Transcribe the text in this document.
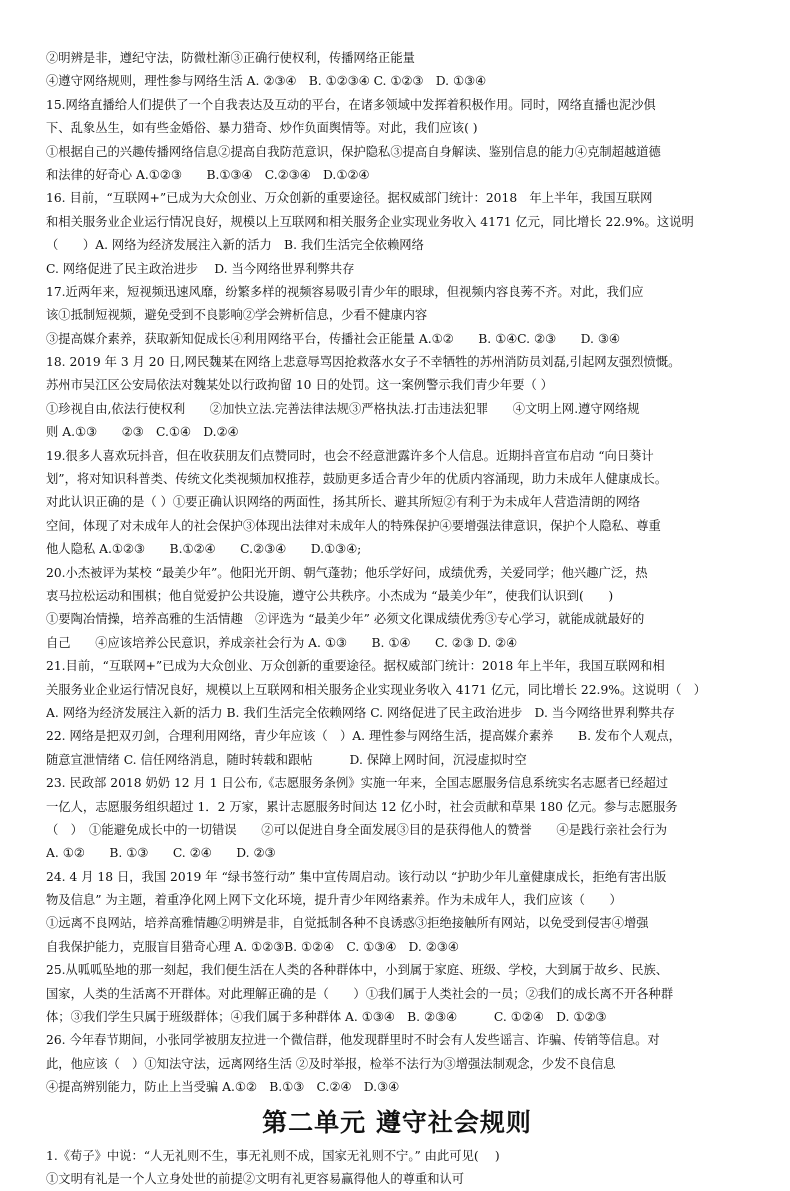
②明辨是非，遵纪守法，防微杜渐③正确行使权利，传播网络正能量
④遵守网络规则，理性参与网络生活 A. ②③④　B. ①②③④ C. ①②③　D. ①③④
15.网络直播给人们提供了一个自我表达及互动的平台，在诸多领域中发挥着积极作用。同时，网络直播也泥沙俱
下、乱象丛生，如有些金婚俗、暴力猎奇、炒作负面舆情等。对此，我们应该( )
①根据自己的兴趣传播网络信息②提高自我防范意识，保护隐私③提高自身解读、鉴别信息的能力④克制超越道德
和法律的好奇心 A.①②③　　B.①③④　C.②③④　D.①②④
16. 目前，“互联网+”已成为大众创业、万众创新的重要途径。据权威部门统计：2018　年上半年，我国互联网
和相关服务业企业运行情况良好，规模以上互联网和相关服务企业实现业务收入 4171 亿元，同比增长 22.9%。这说明
（　　）A. 网络为经济发展注入新的活力　B. 我们生活完全依赖网络
C. 网络促进了民主政治进步　 D. 当今网络世界利弊共存
17.近两年来，短视频迅速风靡，纷繁多样的视频容易吸引青少年的眼球，但视频内容良莠不齐。对此，我们应
该①抵制短视频，避免受到不良影响②学会辨析信息，少看不健康内容
③提高媒介素养，获取新知促成长④利用网络平台，传播社会正能量 A.①②　　B. ①④C. ②③　　D. ③④
18. 2019 年 3 月 20 日,网民魏某在网络上悲意辱骂因抢救落水女子不幸牺牲的苏州消防员刘磊,引起网友强烈愤慨。
苏州市吴江区公安局依法对魏某处以行政拘留 10 日的处罚。这一案例警示我们青少年要（ ）
①珍视自由,依法行使权利　　②加快立法.完善法律法规③严格执法.打击违法犯罪　　④文明上网.遵守网络规
则 A.①③　　②③　C.①④　D.②④
19.很多人喜欢玩抖音，但在收获朋友们点赞同时，也会不经意泄露许多个人信息。近期抖音宣布启动 “向日葵计
划”，将对知识科普类、传统文化类视频加权推荐，鼓励更多适合青少年的优质内容涌现，助力未成年人健康成长。
对此认识正确的是（ ）①要正确认识网络的两面性，扬其所长、避其所短②有利于为未成年人营造清朗的网络
空间，体现了对未成年人的社会保护③体现出法律对未成年人的特殊保护④要增强法律意识，保护个人隐私、尊重
他人隐私 A.①②③　　B.①②④　　C.②③④　　D.①③④;
20.小杰被评为某校 “最美少年”。他阳光开朗、朝气蓬勃；他乐学好问，成绩优秀，关爱同学；他兴趣广泛，热
衷马拉松运动和围棋；他自觉爱护公共设施，遵守公共秩序。小杰成为 “最美少年”，使我们认识到(　　)
①要陶冶情操，培养高雅的生活情趣　②评选为 “最美少年” 必须文化课成绩优秀③专心学习，就能成就最好的
自己　　④应该培养公民意识，养成亲社会行为 A. ①③　　B. ①④　　C. ②③ D. ②④
21.目前，“互联网+”已成为大众创业、万众创新的重要途径。据权威部门统计：2018 年上半年，我国互联网和相
关服务业企业运行情况良好，规模以上互联网和相关服务企业实现业务收入 4171 亿元，同比增长 22.9%。这说明（　）
A. 网络为经济发展注入新的活力 B. 我们生活完全依赖网络 C. 网络促进了民主政治进步　D. 当今网络世界利弊共存
22. 网络是把双刃剑，合理利用网络，青少年应该（　）A. 理性参与网络生活，提高媒介素养　　B. 发布个人观点，
随意宣泄情绪 C. 信任网络消息，随时转载和跟帖　　　D. 保障上网时间，沉浸虚拟时空
23. 民政部 2018 奶奶 12 月 1 日公布,《志愿服务条例》实施一年来，全国志愿服务信息系统实名志愿者已经超过
一亿人，志愿服务组织超过 1．2 万家，累计志愿服务时间达 12 亿小时，社会贡献和草果 180 亿元。参与志愿服务
（　）　①能避免成长中的一切错误　　②可以促进自身全面发展③目的是获得他人的赞誉　　④是践行亲社会行为
A. ①②　　B. ①③　　C. ②④　　D. ②③
24. 4 月 18 日，我国 2019 年 “绿书签行动” 集中宣传周启动。该行动以 “护助少年儿童健康成长，拒绝有害出版
物及信息” 为主题，着重净化网上网下文化环境，提升青少年网络素养。作为未成年人，我们应该（　　）
①远离不良网站，培养高雅情趣②明辨是非，自觉抵制各种不良诱惑③拒绝接触所有网站，以免受到侵害④增强
自我保护能力，克服盲目猎奇心理 A. ①②③B. ①②④　C. ①③④　D. ②③④
25.从呱呱坠地的那一刻起，我们便生活在人类的各种群体中，小到属于家庭、班级、学校，大到属于故乡、民族、
国家，人类的生活离不开群体。对此理解正确的是（　　）①我们属于人类社会的一员；②我们的成长离不开各种群
体；③我们学生只属于班级群体；④我们属于多种群体 A. ①③④　B. ②③④　　　C. ①②④　D. ①②③
26. 今年春节期间，小张同学被朋友拉进一个微信群，他发现群里时不时会有人发些谣言、诈骗、传销等信息。对
此，他应该（　）①知法守法，远离网络生活 ②及时举报，检举不法行为③增强法制观念，少发不良信息
④提高辨别能力，防止上当受骗 A.①②　B.①③　C.②④　D.③④
第二单元 遵守社会规则
1.《荀子》中说：“人无礼则不生，事无礼则不成，国家无礼则不宁。” 由此可见(　 )
①文明有礼是一个人立身处世的前提②文明有礼更容易赢得他人的尊重和认可
